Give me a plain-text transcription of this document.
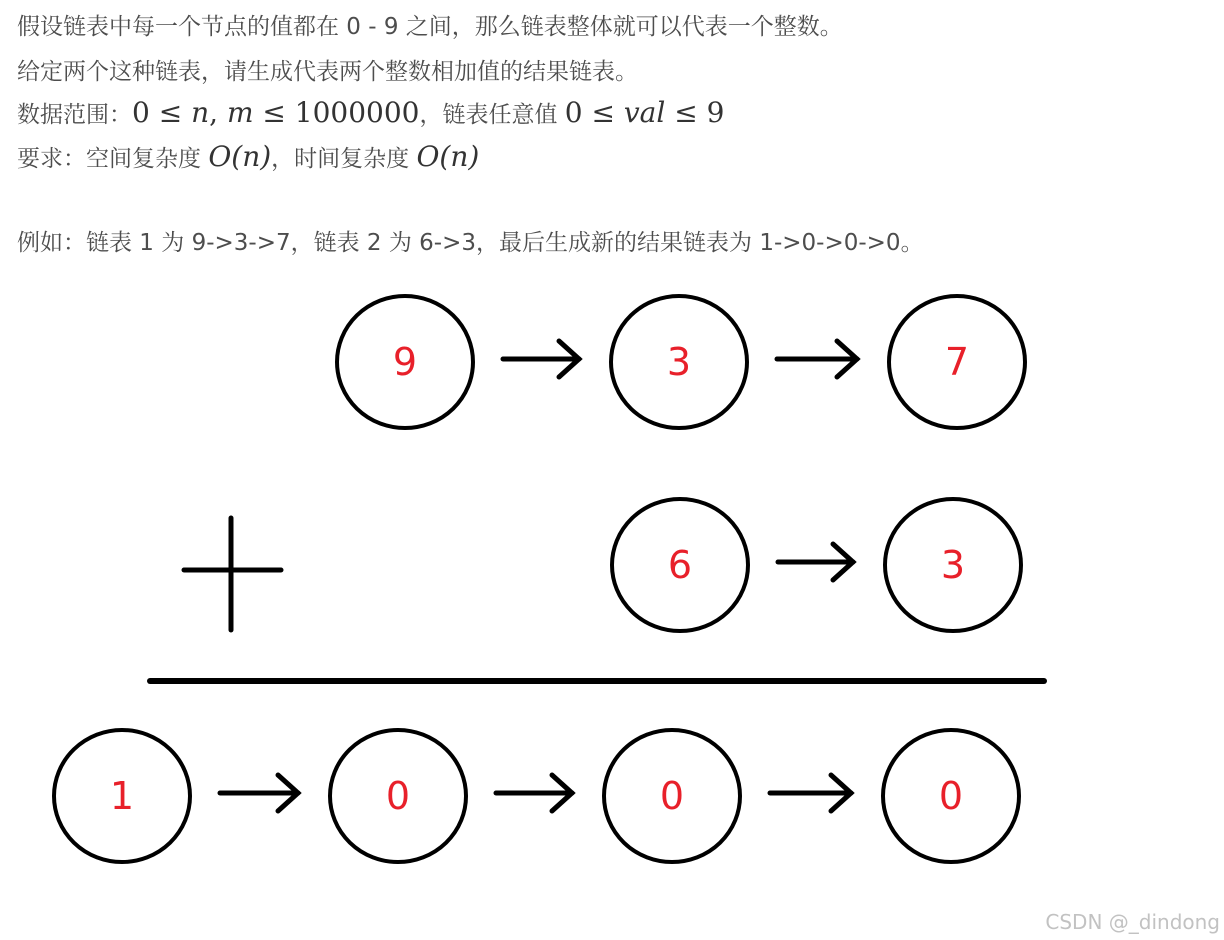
假设链表中每一个节点的值都在 0 - 9 之间，那么链表整体就可以代表一个整数。
给定两个这种链表，请生成代表两个整数相加值的结果链表。
数据范围：0 ≤ n, m ≤ 1000000，链表任意值 0 ≤ val ≤ 9
要求：空间复杂度 O(n)，时间复杂度 O(n)
例如：链表 1 为 9->3->7，链表 2 为 6->3，最后生成新的结果链表为 1->0->0->0。
9	3	7
6	3
1	0	0	0
CSDN @_dindong
